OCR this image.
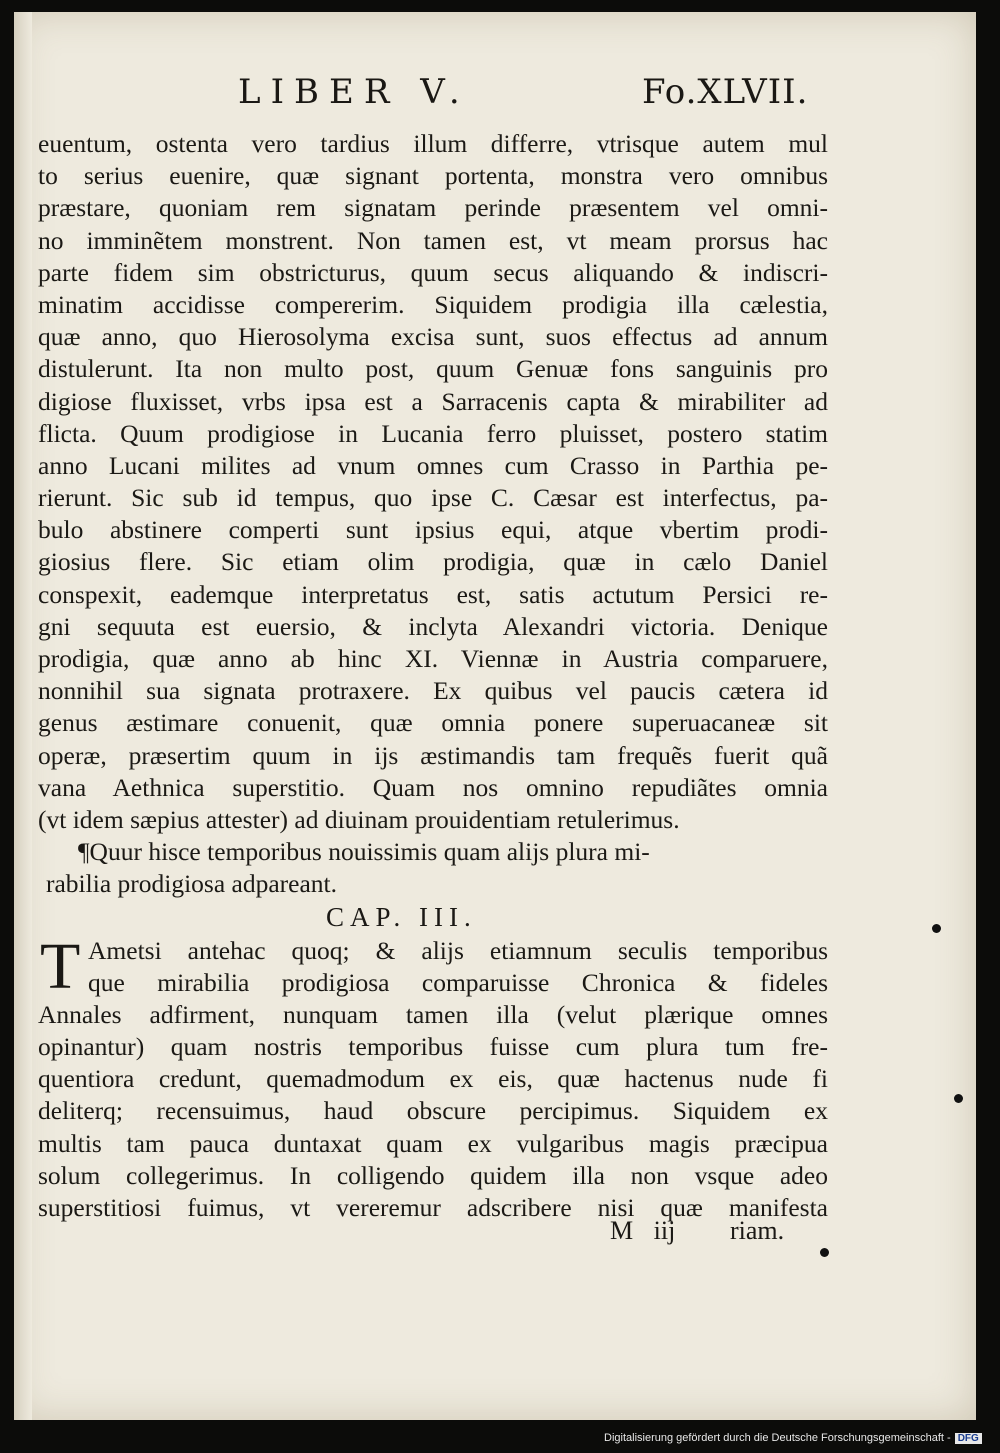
LIBER V.	Fo.XLVII.
euentum, ostenta vero tardius illum differre, vtrisque autem mul
to serius euenire, quæ signant portenta, monstra vero omnibus
præstare, quoniam rem signatam perinde præsentem vel omni-
no imminẽtem monstrent. Non tamen est, vt meam prorsus hac
parte fidem sim obstricturus, quum secus aliquando & indiscri-
minatim accidisse compererim. Siquidem prodigia illa cælestia,
quæ anno, quo Hierosolyma excisa sunt, suos effectus ad annum
distulerunt. Ita non multo post, quum Genuæ fons sanguinis pro
digiose fluxisset, vrbs ipsa est a Sarracenis capta & mirabiliter ad
flicta. Quum prodigiose in Lucania ferro pluisset, postero statim
anno Lucani milites ad vnum omnes cum Crasso in Parthia pe-
rierunt. Sic sub id tempus, quo ipse C. Cæsar est interfectus, pa-
bulo abstinere comperti sunt ipsius equi, atque vbertim prodi-
giosius flere. Sic etiam olim prodigia, quæ in cælo Daniel
conspexit, eademque interpretatus est, satis actutum Persici re-
gni sequuta est euersio, & inclyta Alexandri victoria. Denique
prodigia, quæ anno ab hinc XI. Viennæ in Austria comparuere,
nonnihil sua signata protraxere. Ex quibus vel paucis cætera id
genus æstimare conuenit, quæ omnia ponere superuacaneæ sit
operæ, præsertim quum in ijs æstimandis tam frequẽs fuerit quã
vana Aethnica superstitio. Quam nos omnino repudiãtes omnia
(vt idem sæpius attester) ad diuinam prouidentiam retulerimus.
¶Quur hisce temporibus nouissimis quam alijs plura mi-
rabilia prodigiosa adpareant.
CAP. III.
T Ametsi antehac quoq; & alijs etiamnum seculis temporibus
que mirabilia prodigiosa comparuisse Chronica & fideles
Annales adfirment, nunquam tamen illa (velut plærique omnes
opinantur) quam nostris temporibus fuisse cum plura tum fre-
quentiora credunt, quemadmodum ex eis, quæ hactenus nude fi
deliterq; recensuimus, haud obscure percipimus. Siquidem ex
multis tam pauca duntaxat quam ex vulgaribus magis præcipua
solum collegerimus. In colligendo quidem illa non vsque adeo
superstitiosi fuimus, vt vereremur adscribere nisi quæ manifesta
M iij riam.
Digitalisierung gefördert durch die Deutsche Forschungsgemeinschaft - DFG
